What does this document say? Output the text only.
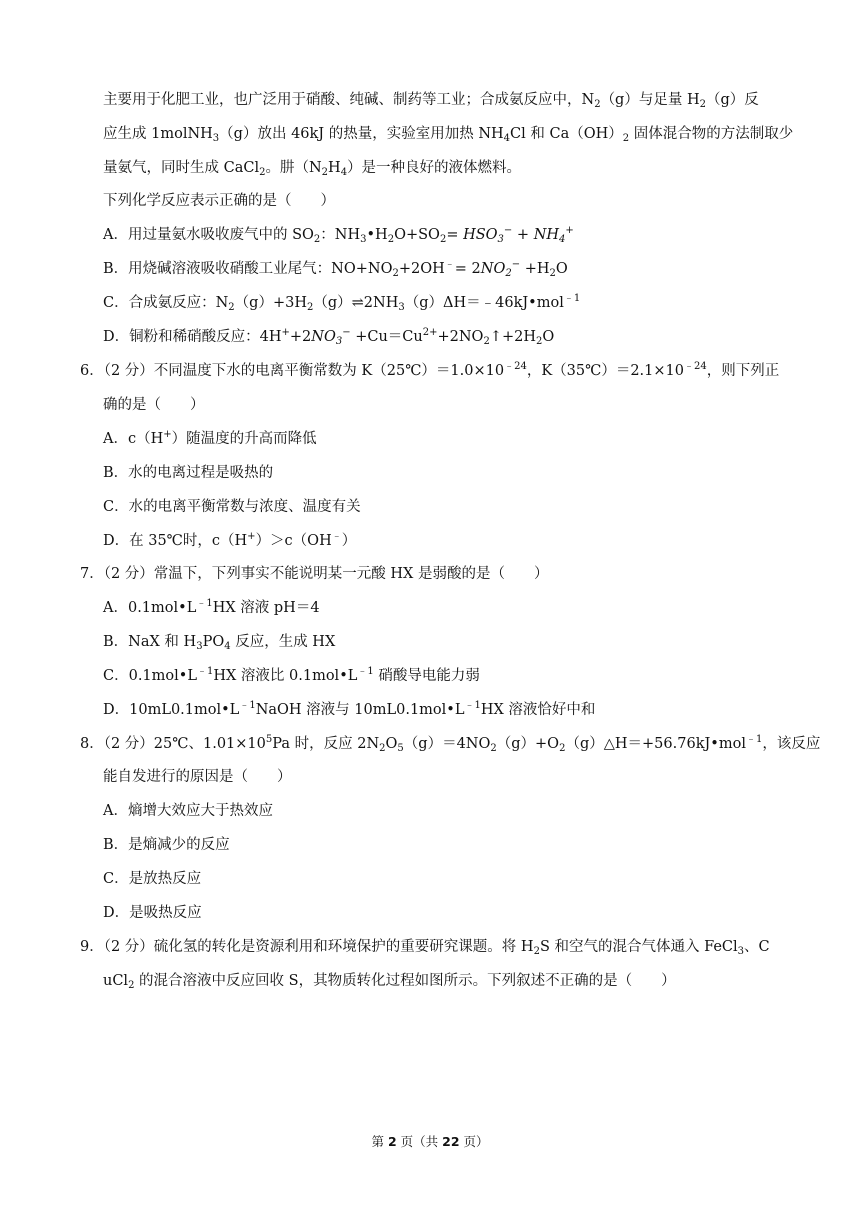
主要用于化肥工业，也广泛用于硝酸、纯碱、制药等工业；合成氨反应中，$N_2(g)$与足量 $H_2(g)$反
应生成 1molNH$_3$（g）放出 46kJ 的热量，实验室用加热 $NH_4Cl$ 和 $Ca(OH)_2$ 固体混合物的方法制取少
量氨气，同时生成 CaCl$_2$。肼$(N_2H_4)$是一种良好的液体燃料。
下列化学反应表示正确的是（　　）
A．用过量氨水吸收废气中的 $SO_2$：$NH_3•H_2O+SO_2= HSO_3^- + NH_4^+$
B．用烧碱溶液吸收硝酸工业尾气：$NO+NO_2+2OH^﹣= 2NO_2^- +H_2O$
C．合成氨反应：$N_2(g)+3H_2(g)\rightleftharpoons 2NH_3(g)\Delta H=﹣46kJ•mol^{﹣1}$
D．铜粉和稀硝酸反应：$4H^++2NO_3^-$ $+Cu=Cu^{2+}+2NO_2↑+2H_2O$
6．（2 分）不同温度下水的电离平衡常数为 $K(25℃)=1.0\times 10^{﹣24}$，$K(35℃)=2.1\times 10^{﹣24}$，则下列正
确的是（　　）
A．c（H+）随温度的升高而降低
B．水的电离过程是吸热的
C．水的电离平衡常数与浓度、温度有关
D．在 35℃时，c（H+）＞c（OH﹣）
7．（2 分）常温下，下列事实不能说明某一元酸 HX 是弱酸的是（　　）
A．$0.1mol•L^{﹣1}HX$ 溶液 pH＝4
B．NaX 和 $H_3PO_4$ 反应，生成 HX
C．$0.1mol•L^{﹣1}HX$ 溶液比 $0.1mol•L^{﹣1}$ 硝酸导电能力弱
D．$10mL0.1mol•L^{﹣1}NaOH$ 溶液与 $10mL0.1mol•L^{﹣1}HX$ 溶液恰好中和
8．（2 分）25℃、$1.01\times 10^5Pa$ 时，反应 $2N_2O_5(g)=4NO_2(g)+O_2(g)\triangle H=+56.76kJ•mol^{﹣1}$，该反应
能自发进行的原因是（　　）
A．熵增大效应大于热效应
B．是熵减少的反应
C．是放热反应
D．是吸热反应
9．（2 分）硫化氢的转化是资源利用和环境保护的重要研究课题。将 $H_2S$ 和空气的混合气体通入 FeCl$_3$、C
uCl$_2$ 的混合溶液中反应回收 S，其物质转化过程如图所示。下列叙述不正确的是（　　）
第 2 页（共 22 页）
